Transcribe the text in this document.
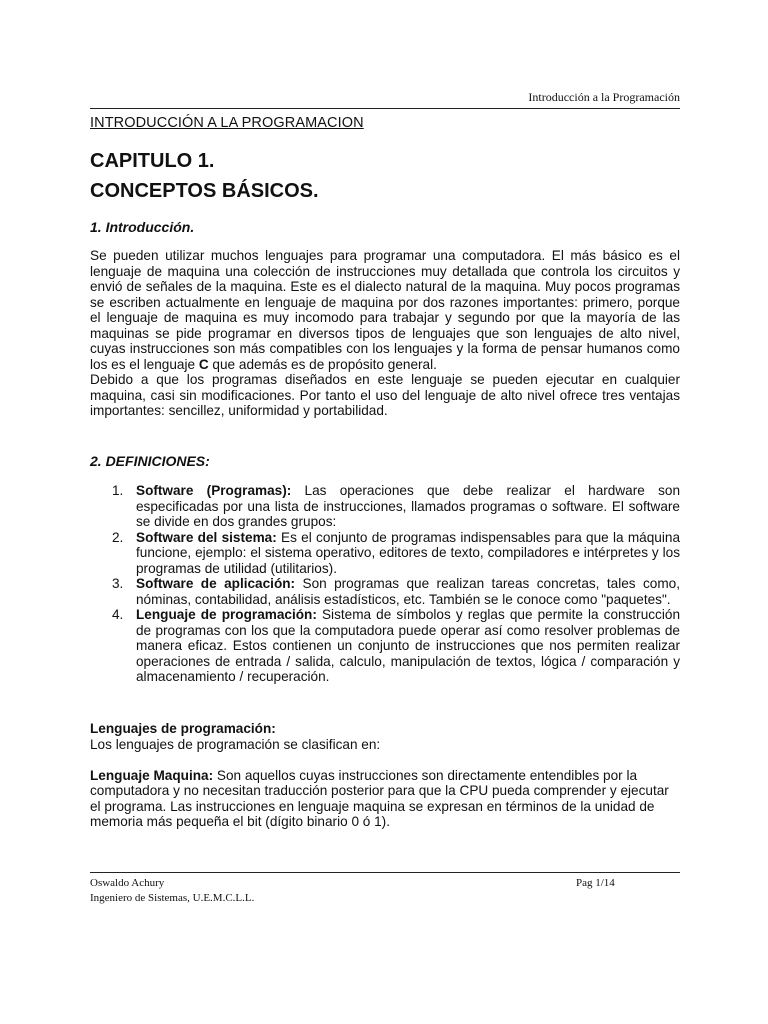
Introducción a la Programación
INTRODUCCIÓN A LA PROGRAMACION
CAPITULO 1.
CONCEPTOS BÁSICOS.
1. Introducción.

Se pueden utilizar muchos lenguajes para programar una computadora. El más básico es el lenguaje de maquina una colección de instrucciones muy detallada que controla los circuitos y envió de señales de la maquina. Este es el dialecto natural de la maquina. Muy pocos programas se escriben actualmente en lenguaje de maquina por dos razones importantes: primero, porque el lenguaje de maquina es muy incomodo para trabajar y segundo por que la mayoría de las maquinas se pide programar en diversos tipos de lenguajes que son lenguajes de alto nivel, cuyas instrucciones son más compatibles con los lenguajes y la forma de pensar humanos como los es el lenguaje C que además es de propósito general.

Debido a que los programas diseñados en este lenguaje se pueden ejecutar en cualquier maquina, casi sin modificaciones. Por tanto el uso del lenguaje de alto nivel ofrece tres ventajas importantes: sencillez, uniformidad y portabilidad.

2. DEFINICIONES:
1. Software (Programas): Las operaciones que debe realizar el hardware son especificadas por una lista de instrucciones, llamados programas o software. El software se divide en dos grandes grupos:
2. Software del sistema: Es el conjunto de programas indispensables para que la máquina funcione, ejemplo: el sistema operativo, editores de texto, compiladores e intérpretes y los programas de utilidad (utilitarios).
3. Software de aplicación: Son programas que realizan tareas concretas, tales como, nóminas, contabilidad, análisis estadísticos, etc. También se le conoce como "paquetes".
4. Lenguaje de programación: Sistema de símbolos y reglas que permite la construcción de programas con los que la computadora puede operar así como resolver problemas de manera eficaz. Estos contienen un conjunto de instrucciones que nos permiten realizar operaciones de entrada / salida, calculo, manipulación de textos, lógica / comparación y almacenamiento / recuperación.

Lenguajes de programación:

Los lenguajes de programación se clasifican en:

Lenguaje Maquina: Son aquellos cuyas instrucciones son directamente entendibles por la computadora y no necesitan traducción posterior para que la CPU pueda comprender y ejecutar el programa. Las instrucciones en lenguaje maquina se expresan en términos de la unidad de memoria más pequeña el bit (dígito binario 0 ó 1).

Oswaldo Achury	Pag 1/14
Ingeniero de Sistemas, U.E.M.C.L.L.
